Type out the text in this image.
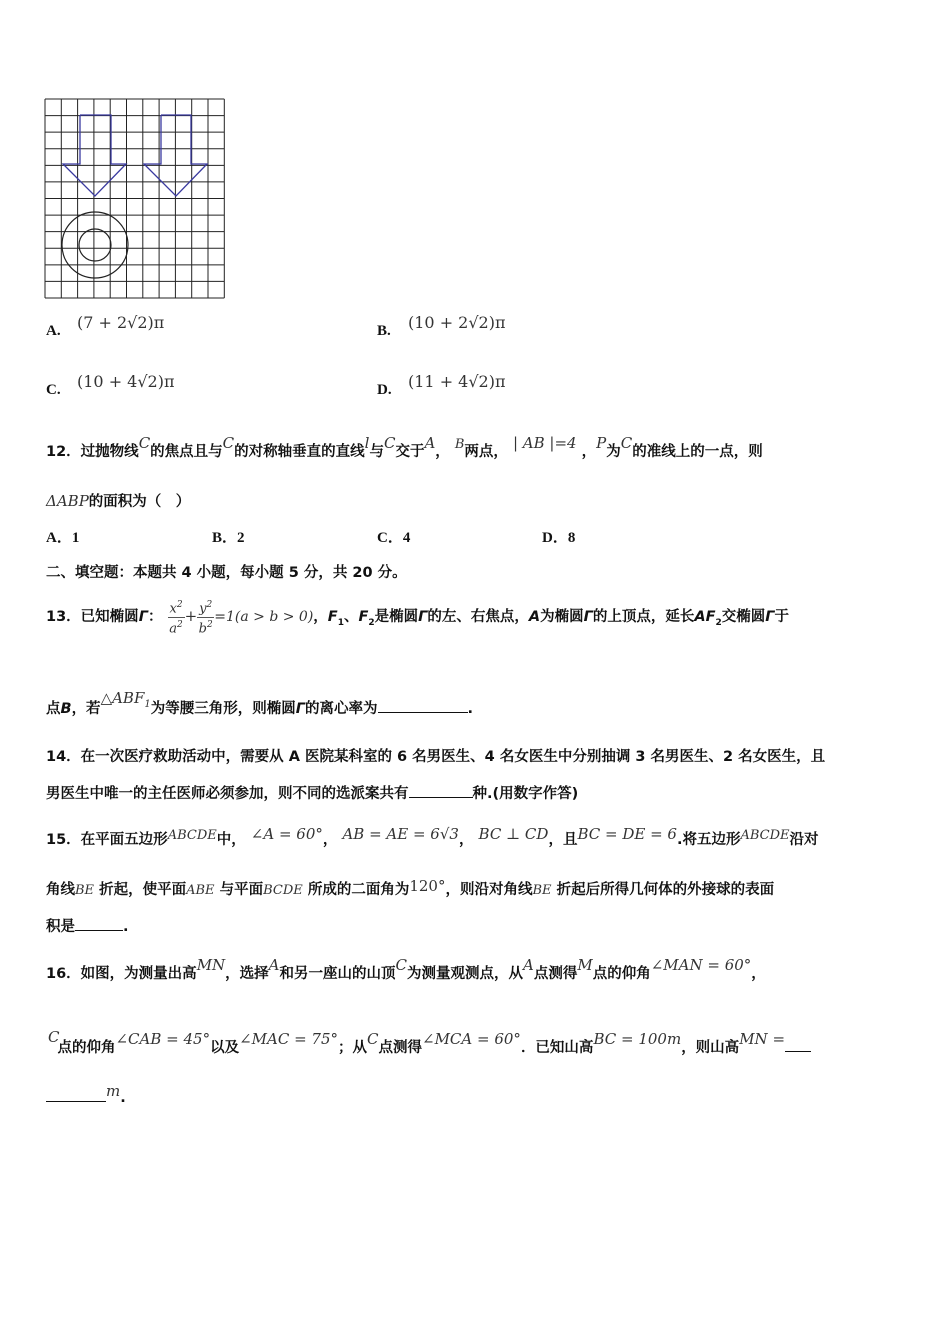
A. (7 + 2√2)π	B. (10 + 2√2)π
C. (10 + 4√2)π	D. (11 + 4√2)π
12．过抛物线C的焦点且与C的对称轴垂直的直线l与C交于A， B两点， | AB |=4 ，P为C的准线上的一点，则
ΔABP的面积为（　）
A．1	B．2	C．4	D．8
二、填空题：本题共 4 小题，每小题 5 分，共 20 分。
13．已知椭圆Γ： $\frac{x^2}{a^2} + \frac{y^2}{b^2} =1(a > b > 0)$，$F_1$、$F_2$是椭圆Γ的左、右焦点，A为椭圆Γ的上顶点，延长$AF_2$交椭圆Γ于
点B，若△ABF$^1$为等腰三角形，则椭圆Γ的离心率为	.
14．在一次医疗救助活动中，需要从 A 医院某科室的 6 名男医生、4 名女医生中分别抽调 3 名男医生、2 名女医生，且
男医生中唯一的主任医师必须参加，则不同的选派案共有	种.(用数字作答)
15．在平面五边形ABCDE中， ∠A = 60°， AB = AE = 6√3， BC ⊥ CD，且BC = DE = 6.将五边形ABCDE沿对
角线BE 折起，使平面ABE 与平面BCDE 所成的二面角为120°，则沿对角线BE 折起后所得几何体的外接球的表面
积是	.
16．如图，为测量出高MN，选择A和另一座山的山顶C为测量观测点，从A点测得M点的仰角∠MAN = 60°，
C点的仰角∠CAB = 45°以及∠MAC = 75°；从C点测得∠MCA = 60°．已知山高BC = 100m，则山高MN =
m.
